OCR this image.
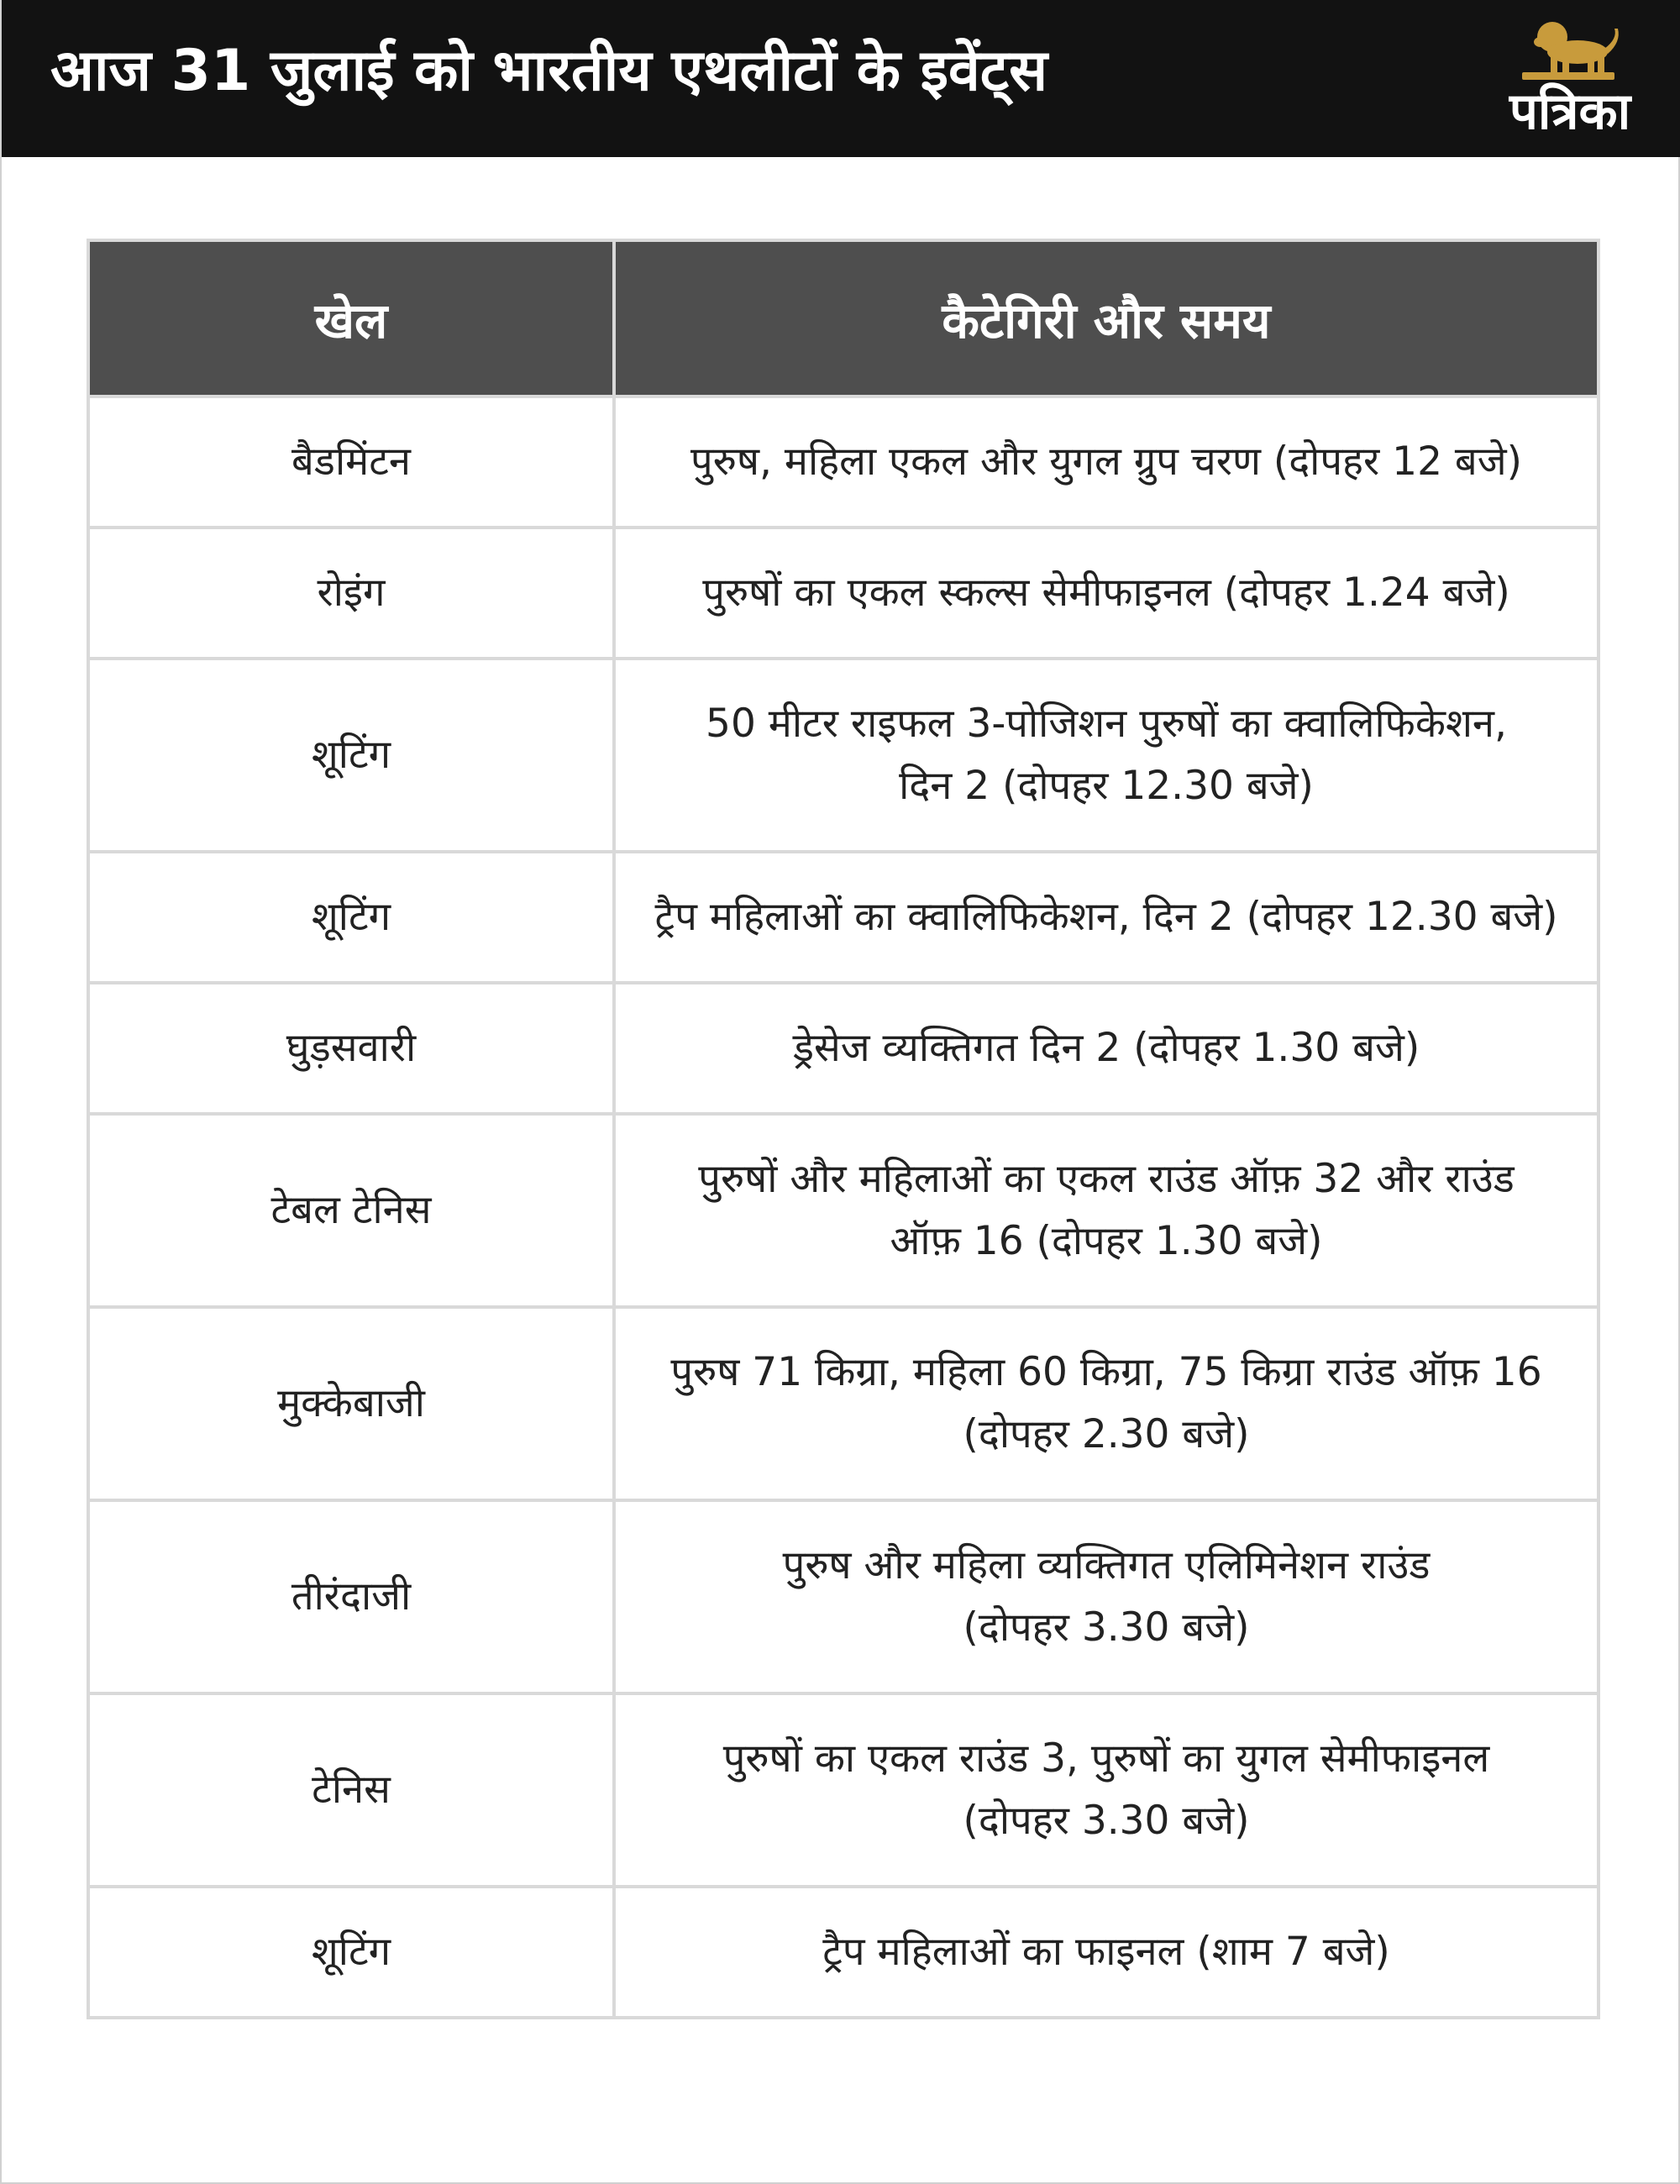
आज 31 जुलाई को भारतीय एथलीटों के इवेंट्स
पत्रिका
खेल	कैटेगिरी और समय
बैडमिंटन	पुरुष, महिला एकल और युगल ग्रुप चरण (दोपहर 12 बजे)

रोइंग	पुरुषों का एकल स्कल्स सेमीफाइनल (दोपहर 1.24 बजे)

शूटिंग	50 मीटर राइफल 3-पोजिशन पुरुषों का क्वालिफिकेशन,
दिन 2 (दोपहर 12.30 बजे)

शूटिंग	ट्रैप महिलाओं का क्वालिफिकेशन, दिन 2 (दोपहर 12.30 बजे)

घुड़सवारी	ड्रेसेज व्यक्तिगत दिन 2 (दोपहर 1.30 बजे)

टेबल टेनिस	पुरुषों और महिलाओं का एकल राउंड ऑफ़ 32 और राउंड
ऑफ़ 16 (दोपहर 1.30 बजे)

मुक्केबाजी	पुरुष 71 किग्रा, महिला 60 किग्रा, 75 किग्रा राउंड ऑफ़ 16
(दोपहर 2.30 बजे)

तीरंदाजी	पुरुष और महिला व्यक्तिगत एलिमिनेशन राउंड
(दोपहर 3.30 बजे)

टेनिस	पुरुषों का एकल राउंड 3, पुरुषों का युगल सेमीफाइनल
(दोपहर 3.30 बजे)

शूटिंग	ट्रैप महिलाओं का फाइनल (शाम 7 बजे)
